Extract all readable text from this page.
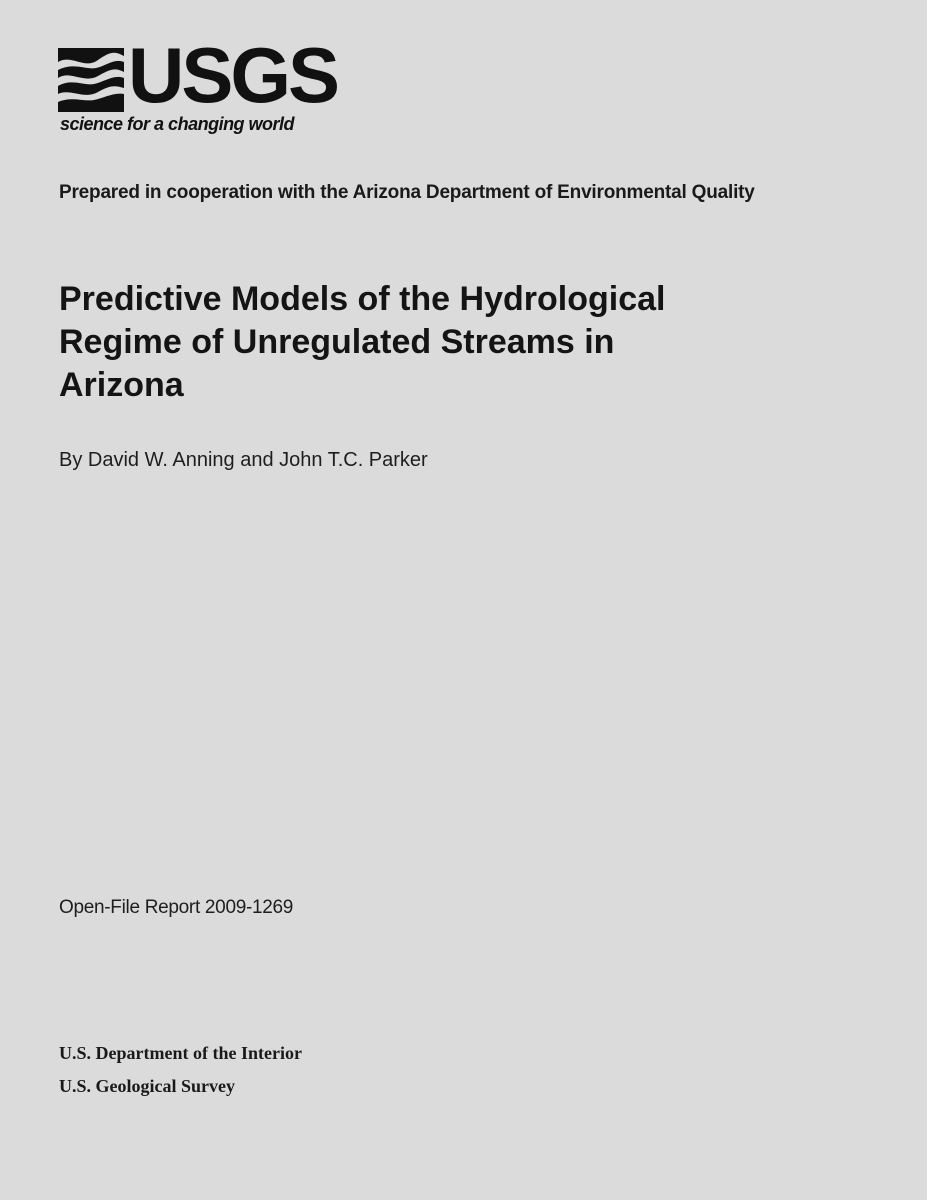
USGS
science for a changing world
Prepared in cooperation with the Arizona Department of Environmental Quality
Predictive Models of the Hydrological
Regime of Unregulated Streams in
Arizona
By David W. Anning and John T.C. Parker
Open-File Report 2009-1269
U.S. Department of the Interior
U.S. Geological Survey
